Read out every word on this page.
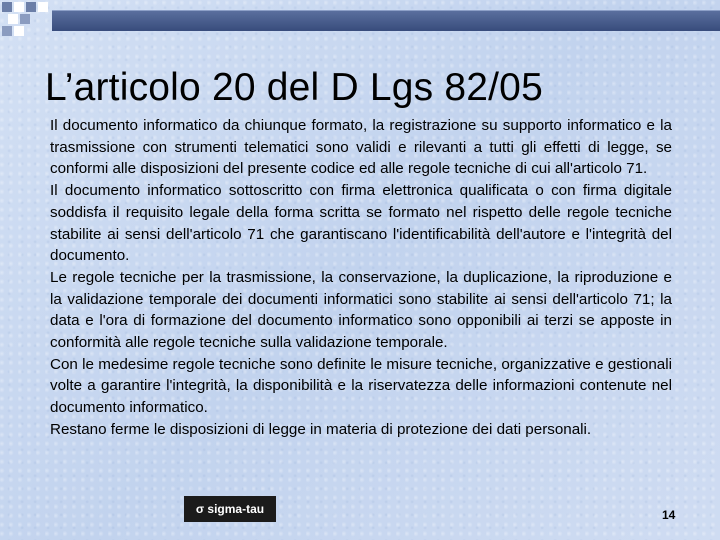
L’articolo 20 del D Lgs 82/05

Il documento informatico da chiunque formato, la registrazione su supporto informatico e la trasmissione con strumenti telematici sono validi e rilevanti a tutti gli effetti di legge, se conformi alle disposizioni del presente codice ed alle regole tecniche di cui all'articolo 71.

Il documento informatico sottoscritto con firma elettronica qualificata o con firma digitale soddisfa il requisito legale della forma scritta se formato nel rispetto delle regole tecniche stabilite ai sensi dell'articolo 71 che garantiscano l'identificabilità dell'autore e l'integrità del documento.

Le regole tecniche per la trasmissione, la conservazione, la duplicazione, la riproduzione e la validazione temporale dei documenti informatici sono stabilite ai sensi dell'articolo 71; la data e l'ora di formazione del documento informatico sono opponibili ai terzi se apposte in conformità alle regole tecniche sulla validazione temporale.

Con le medesime regole tecniche sono definite le misure tecniche, organizzative e gestionali volte a garantire l'integrità, la disponibilità e la riservatezza delle informazioni contenute nel documento informatico.

Restano ferme le disposizioni di legge in materia di protezione dei dati personali.

σ sigma-tau	14
